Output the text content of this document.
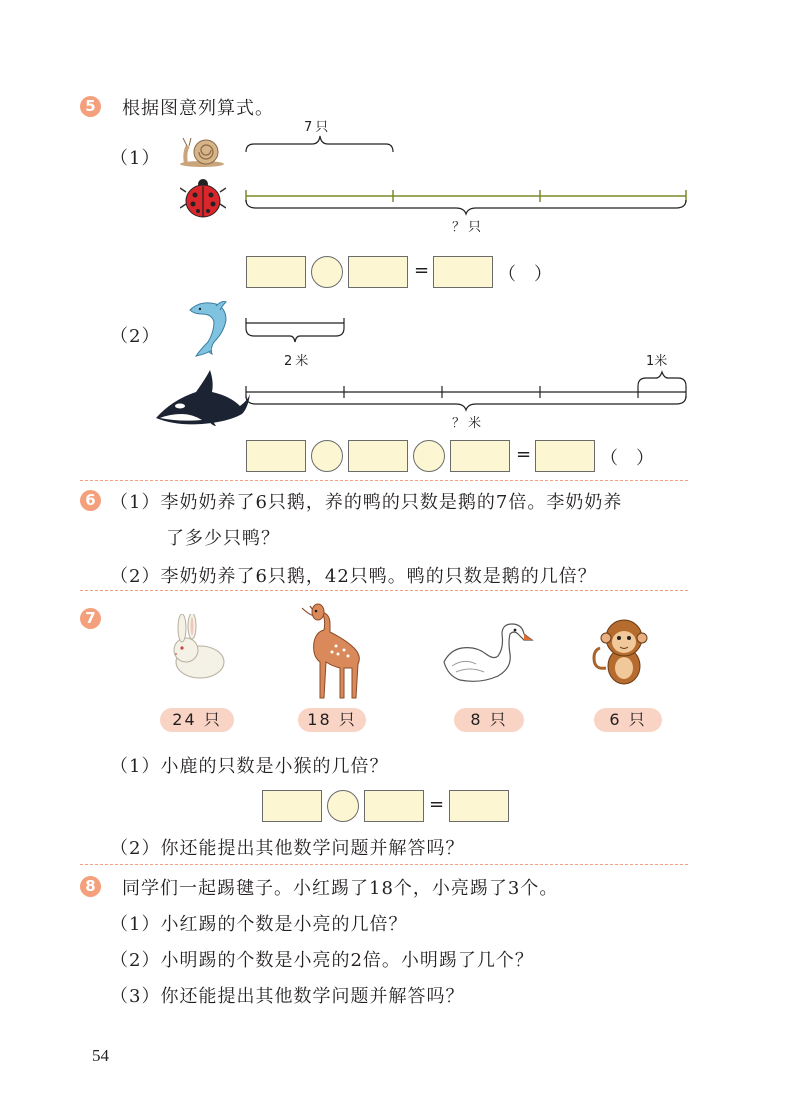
5 根据图意列算式。
（1）
7只
？只
=	（　）
（2）
2米	1米
？米
=	（　）
6 （1）李奶奶养了6只鹅，养的鸭的只数是鹅的7倍。李奶奶养
了多少只鸭？
（2）李奶奶养了6只鹅，42只鸭。鸭的只数是鹅的几倍？
7
24 只	18 只	8 只	6 只
（1）小鹿的只数是小猴的几倍？
=
（2）你还能提出其他数学问题并解答吗？
8 同学们一起踢毽子。小红踢了18个，小亮踢了3个。
（1）小红踢的个数是小亮的几倍？
（2）小明踢的个数是小亮的2倍。小明踢了几个？
（3）你还能提出其他数学问题并解答吗？
54
